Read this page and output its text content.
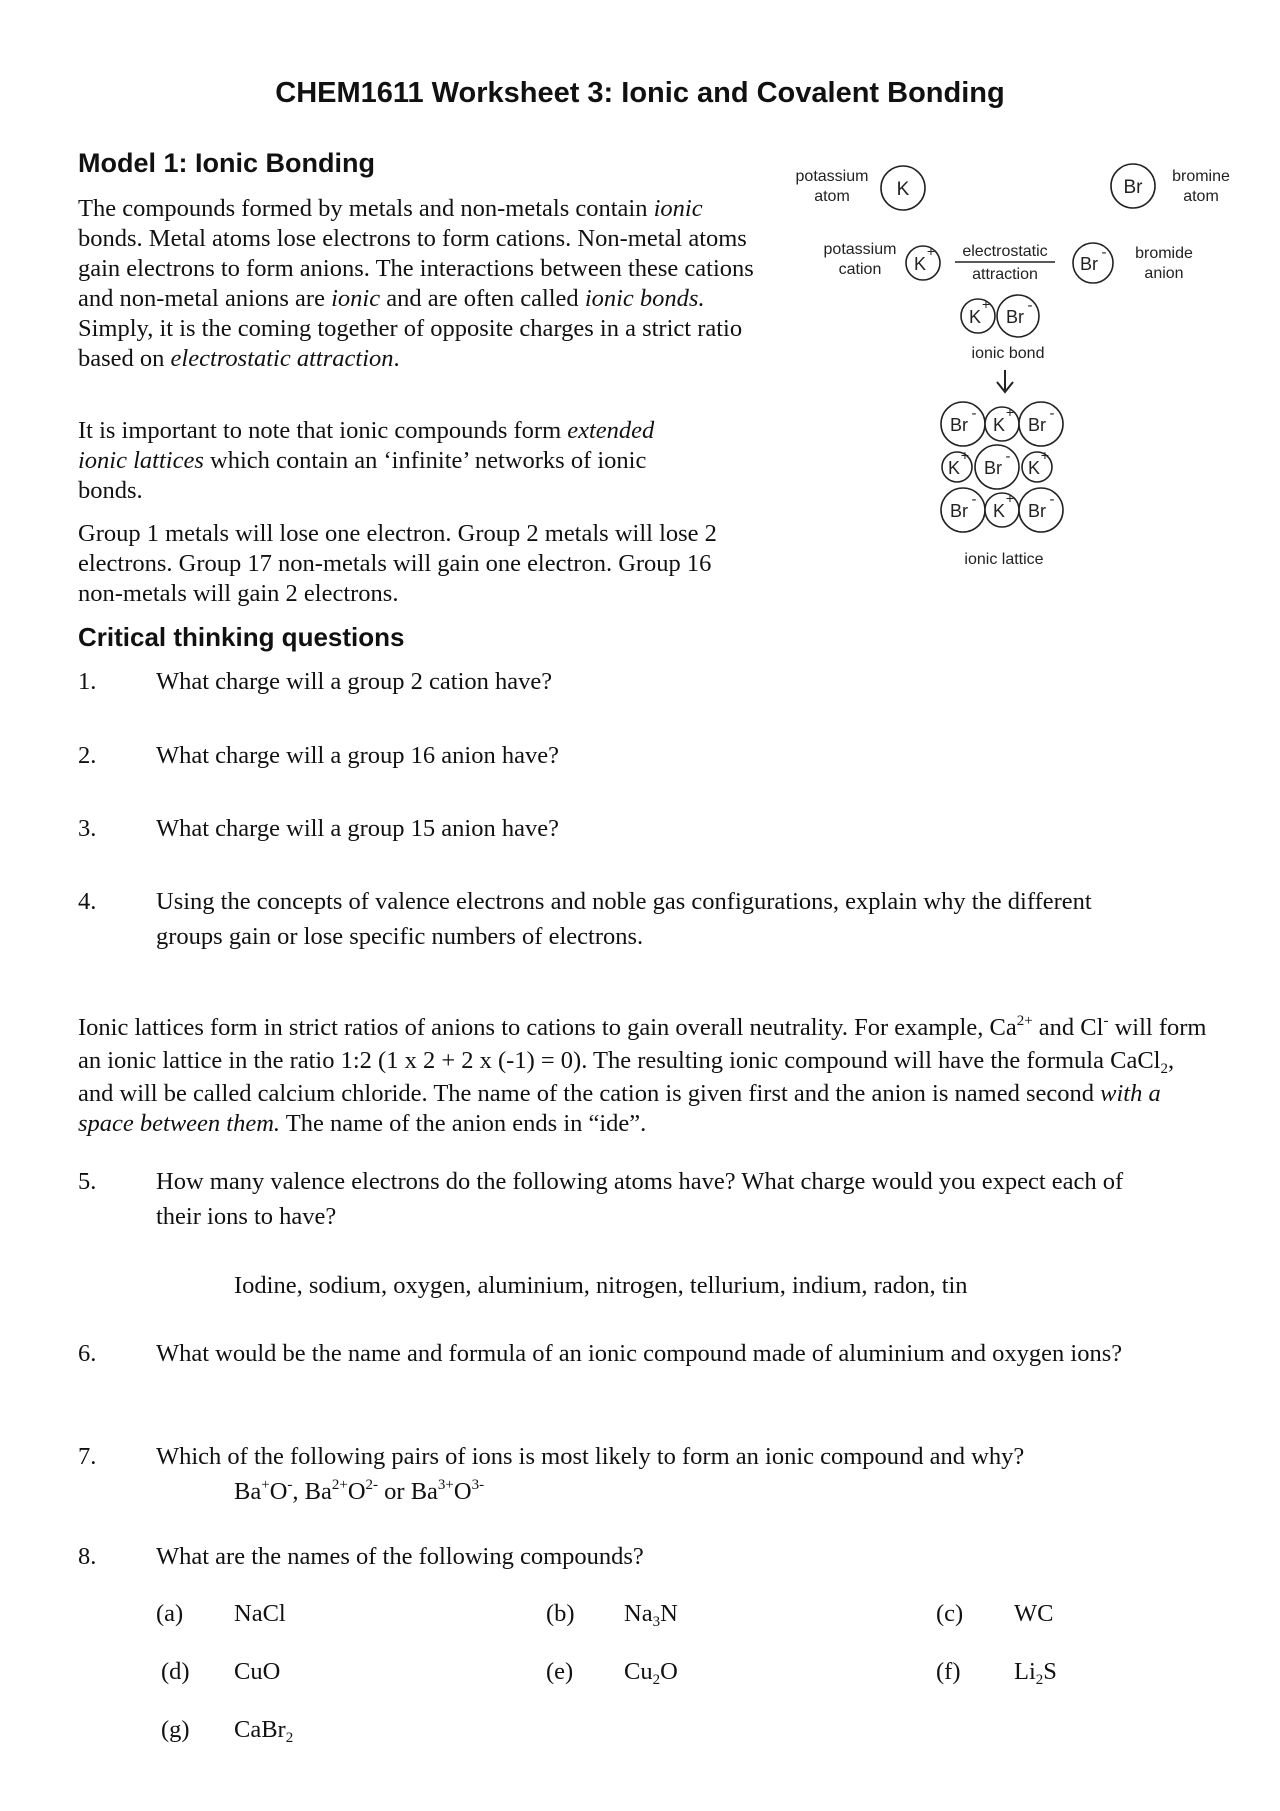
CHEM1611 Worksheet 3: Ionic and Covalent Bonding
Model 1: Ionic Bonding
The compounds formed by metals and non-metals contain ionic bonds. Metal atoms lose electrons to form cations. Non-metal atoms gain electrons to form anions. The interactions between these cations and non-metal anions are ionic and are often called ionic bonds. Simply, it is the coming together of opposite charges in a strict ratio based on electrostatic attraction.
It is important to note that ionic compounds form extended ionic lattices which contain an ‘infinite’ networks of ionic bonds.
Group 1 metals will lose one electron. Group 2 metals will lose 2 electrons. Group 17 non-metals will gain one electron. Group 16 non-metals will gain 2 electrons.
potassium
atom K	Br
bromine
atom
potassium
cation K
+ electrostatic
attraction
Br
- bromide
anion
K
+
Br
-
ionic bond
Br
-
K
+
Br
-
K
+
Br
-
K
+
Br
-
K
+
Br
-
ionic lattice
Critical thinking questions
1. What charge will a group 2 cation have?
2. What charge will a group 16 anion have?
3. What charge will a group 15 anion have?
4. Using the concepts of valence electrons and noble gas configurations, explain why the different
groups gain or lose specific numbers of electrons.
Ionic lattices form in strict ratios of anions to cations to gain overall neutrality. For example, $Ca^{2+}$ and Cl- will form an ionic lattice in the ratio 1:2 (1 x 2 + 2 x (-1) = 0). The resulting ionic compound will have the formula CaCl$_2$, and will be called calcium chloride. The name of the cation is given first and the anion is named second with a space between them. The name of the anion ends in “ide”.
5. How many valence electrons do the following atoms have? What charge would you expect each of
their ions to have?
Iodine, sodium, oxygen, aluminium, nitrogen, tellurium, indium, radon, tin
6. What would be the name and formula of an ionic compound made of aluminium and oxygen ions?
7. Which of the following pairs of ions is most likely to form an ionic compound and why?
Ba+O-, $Ba^{2+}O^{2-}$ or $Ba^{3+}O^{3-}$
8. What are the names of the following compounds?
(a) NaCl	(b) $Na_3N$	(c) WC
(d) CuO	(e) $Cu_2O$	(f) $Li_2S$
(g) CaBr$_2$
